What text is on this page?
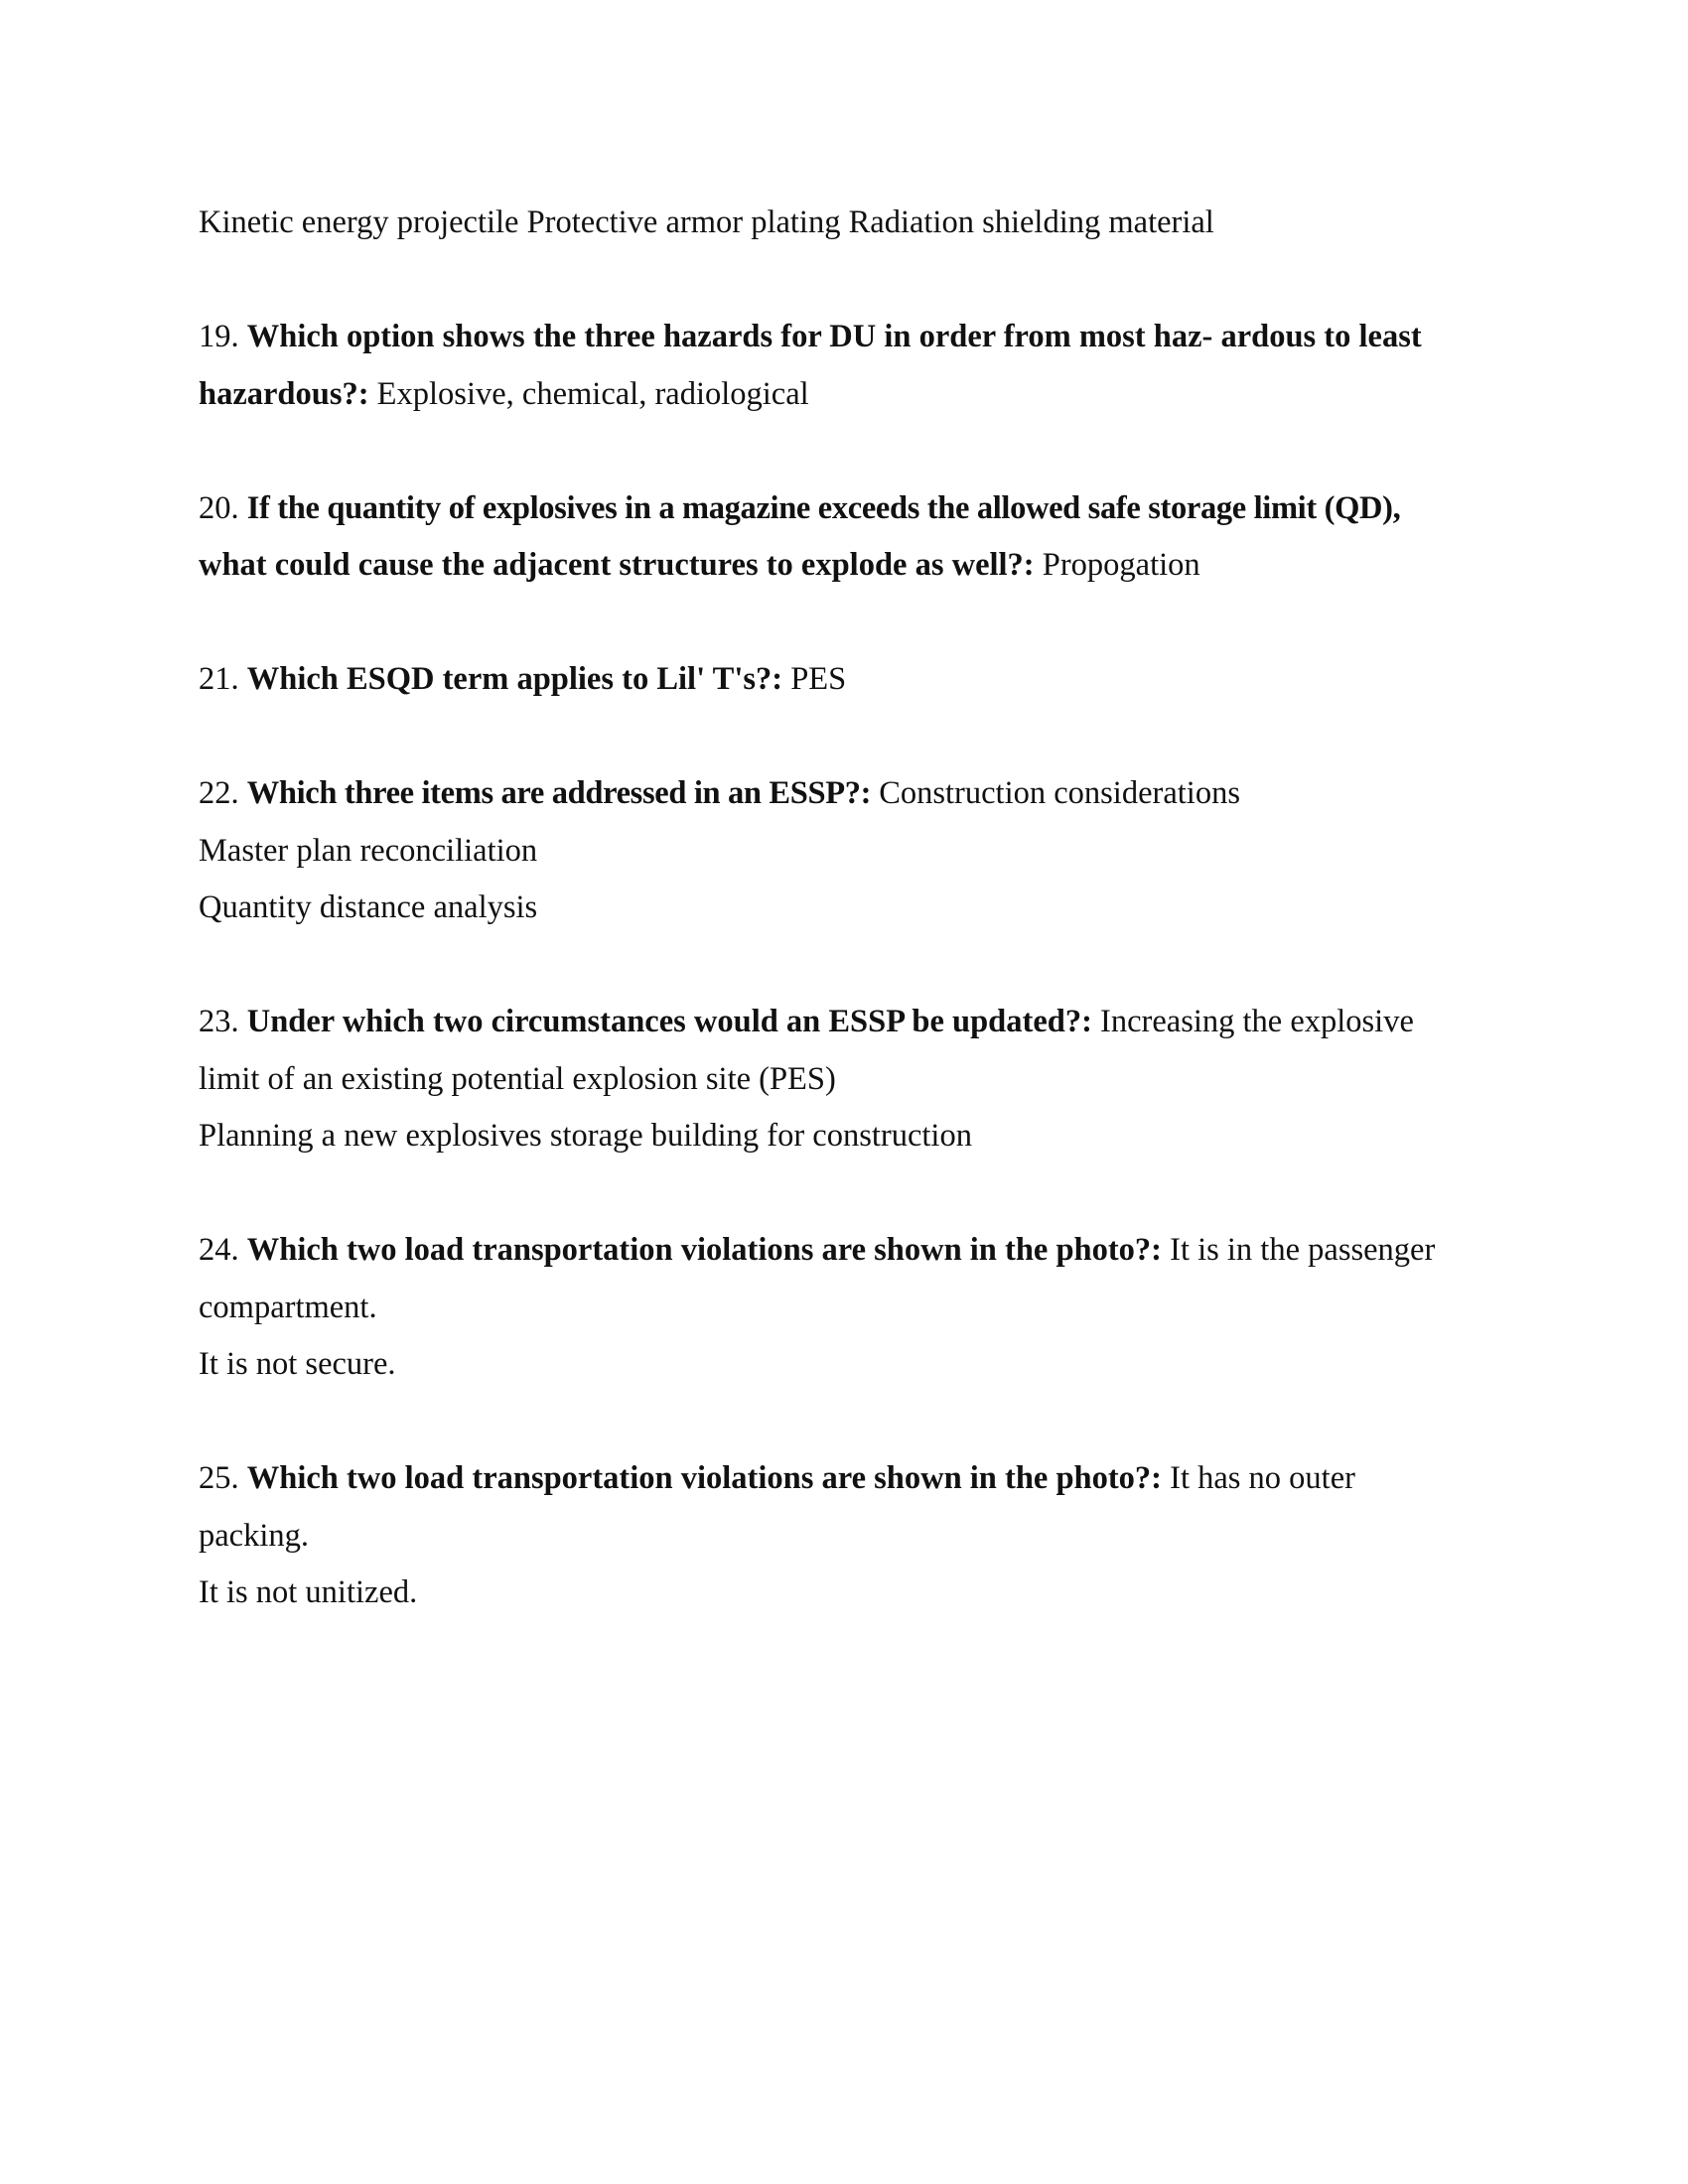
Kinetic energy projectile Protective armor plating Radiation shielding material
19. Which option shows the three hazards for DU in order from most haz- ardous to least
hazardous?: Explosive, chemical, radiological
20. If the quantity of explosives in a magazine exceeds the allowed safe storage limit (QD),
what could cause the adjacent structures to explode as well?: Propogation
21. Which ESQD term applies to Lil' T's?: PES
22. Which three items are addressed in an ESSP?: Construction considerations
Master plan reconciliation
Quantity distance analysis
23. Under which two circumstances would an ESSP be updated?: Increasing the explosive
limit of an existing potential explosion site (PES)
Planning a new explosives storage building for construction
24. Which two load transportation violations are shown in the photo?: It is in the passenger
compartment.
It is not secure.
25. Which two load transportation violations are shown in the photo?: It has no outer
packing.
It is not unitized.
